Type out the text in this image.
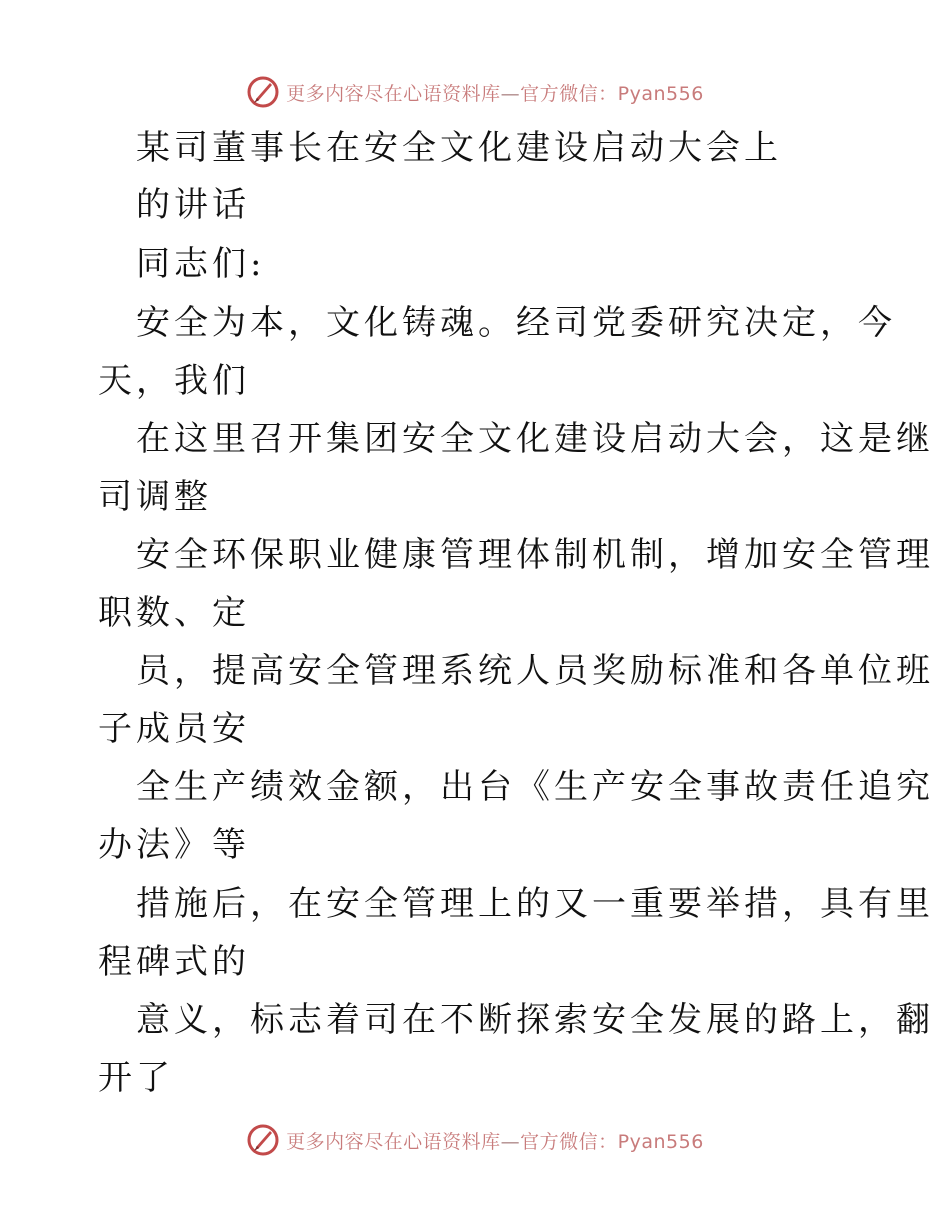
更多内容尽在心语资料库—官方微信：Pyan556
某司董事长在安全文化建设启动大会上
的讲话
同志们:
安全为本，文化铸魂。经司党委研究决定，今
天，我们
在这里召开集团安全文化建设启动大会，这是继
司调整
安全环保职业健康管理体制机制，增加安全管理
职数、定
员，提高安全管理系统人员奖励标准和各单位班
子成员安
全生产绩效金额，出台《生产安全事故责任追究
办法》等
措施后，在安全管理上的又一重要举措，具有里
程碑式的
意义，标志着司在不断探索安全发展的路上，翻
开了
更多内容尽在心语资料库—官方微信：Pyan556
